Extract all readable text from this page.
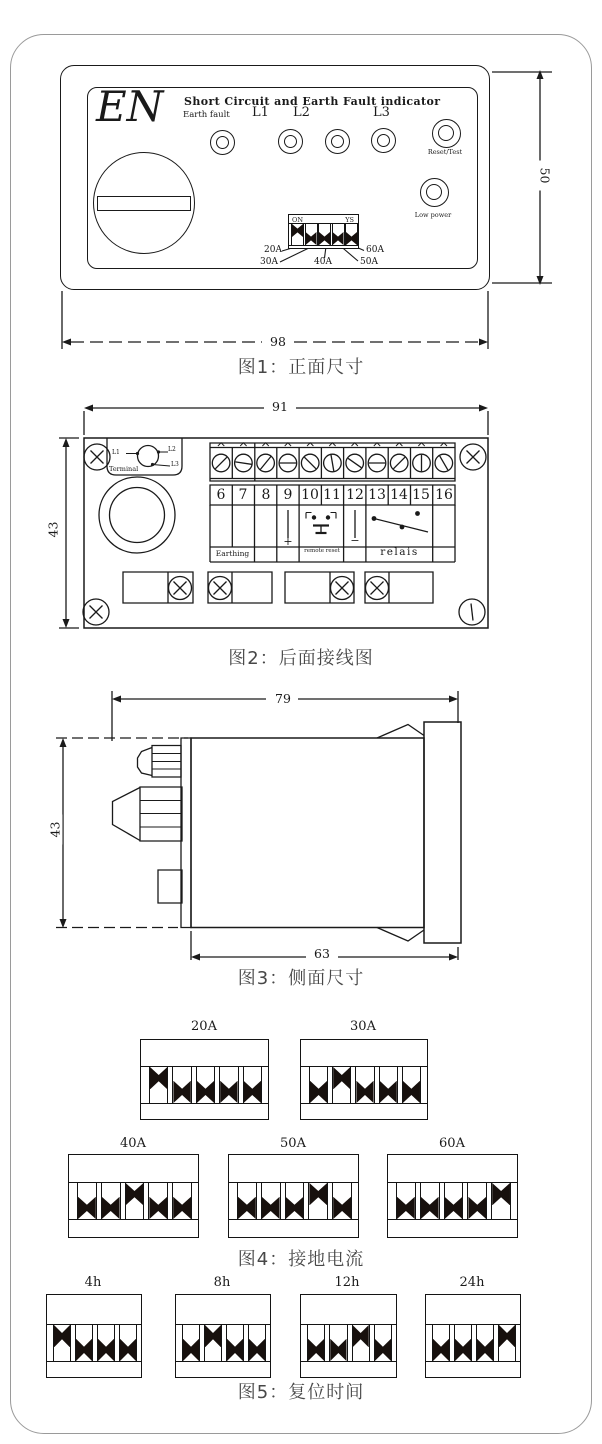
EN Short Circuit and Earth Fault indicator
Earth fault L1 L2	L3
Reset/Test
Low power
ON	YS
20A
30A	40A	50A
60A
98
50
图1：正面尺寸
91
43
L1	L2
L3
Terminal
6 7	8 9 10 11 12 13 14 15 16
+	−
Earthing	remote reset	relais
图2：后面接线图
79
43
63
图3：侧面尺寸
20A	30A
40A	50A	60A
图4：接地电流
4h	8h	12h	24h
图5：复位时间
